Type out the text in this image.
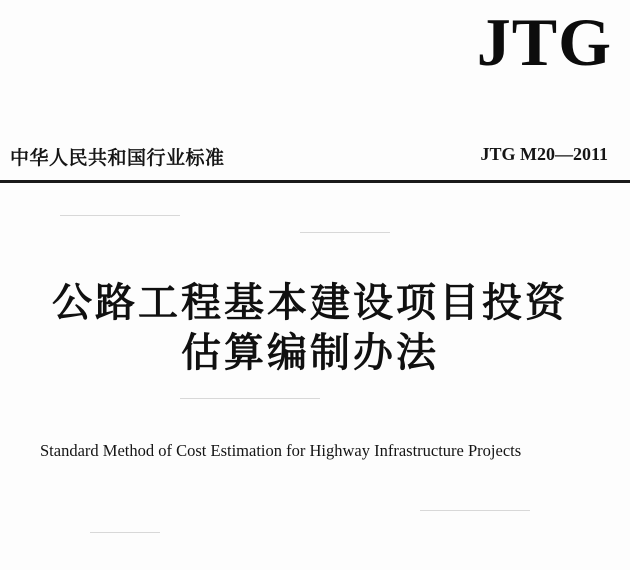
JTG
中华人民共和国行业标准	JTG M20—2011
公路工程基本建设项目投资
估算编制办法
Standard Method of Cost Estimation for Highway Infrastructure Projects
